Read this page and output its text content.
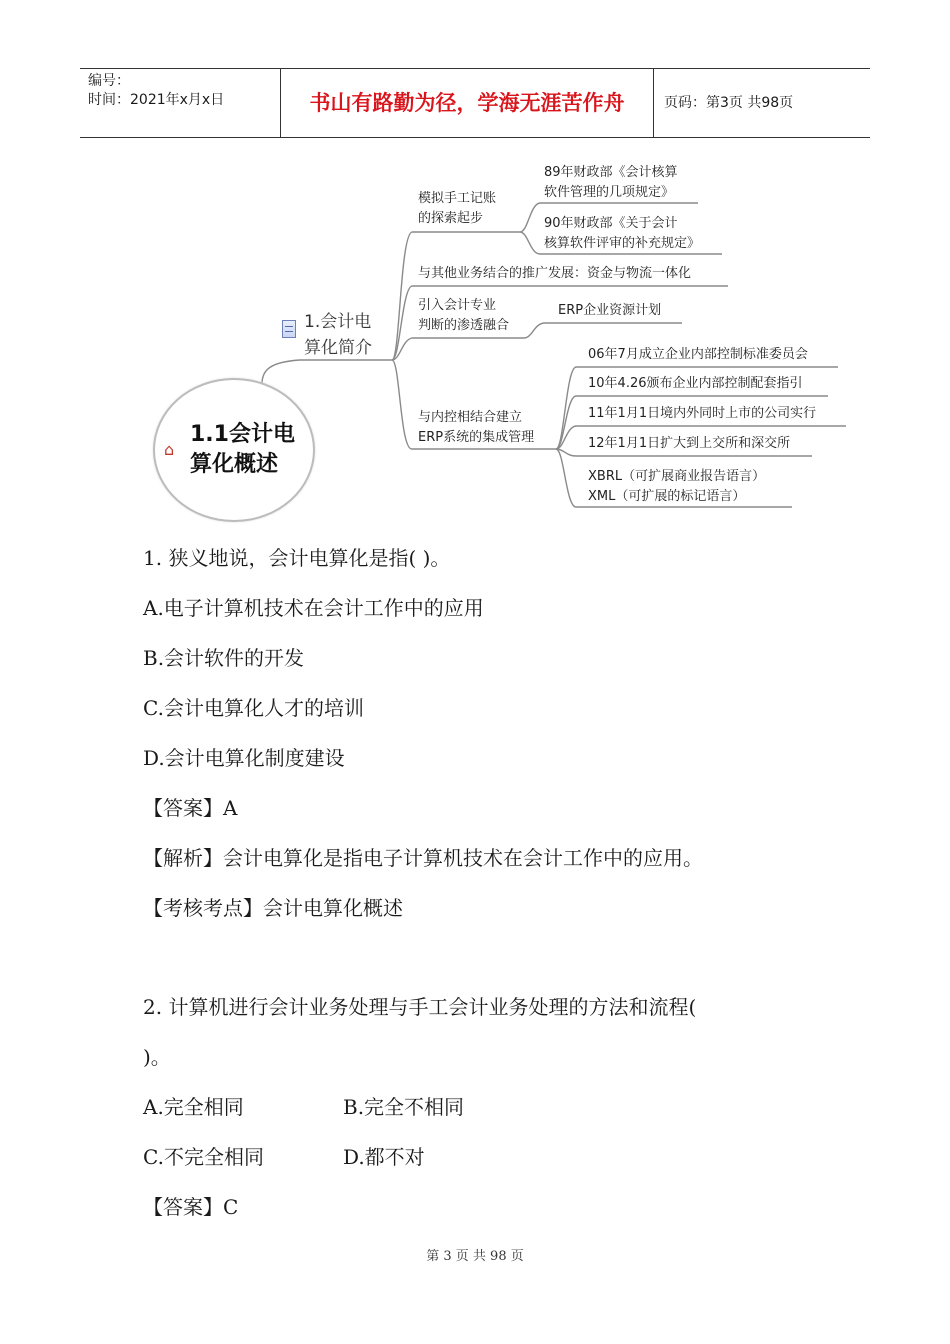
编号：
时间：2021年x月x日	书山有路勤为径，学海无涯苦作舟	页码：第3页 共98页
⌂
1.1会计电
算化概述
1.会计电
算化简介
模拟手工记账
的探索起步
89年财政部《会计核算
软件管理的几项规定》
90年财政部《关于会计
核算软件评审的补充规定》
与其他业务结合的推广发展：资金与物流一体化
引入会计专业
判断的渗透融合
ERP企业资源计划
与内控相结合建立
ERP系统的集成管理
06年7月成立企业内部控制标准委员会
10年4.26颁布企业内部控制配套指引
11年1月1日境内外同时上市的公司实行
12年1月1日扩大到上交所和深交所
XBRL（可扩展商业报告语言）
XML（可扩展的标记语言）
1. 狭义地说，会计电算化是指( )。
A.电子计算机技术在会计工作中的应用
B.会计软件的开发
C.会计电算化人才的培训
D.会计电算化制度建设
【答案】A
【解析】会计电算化是指电子计算机技术在会计工作中的应用。
【考核考点】会计电算化概述
2. 计算机进行会计业务处理与手工会计业务处理的方法和流程(
)。
A.完全相同	B.完全不相同
C.不完全相同	D.都不对
【答案】C
第 3 页 共 98 页
